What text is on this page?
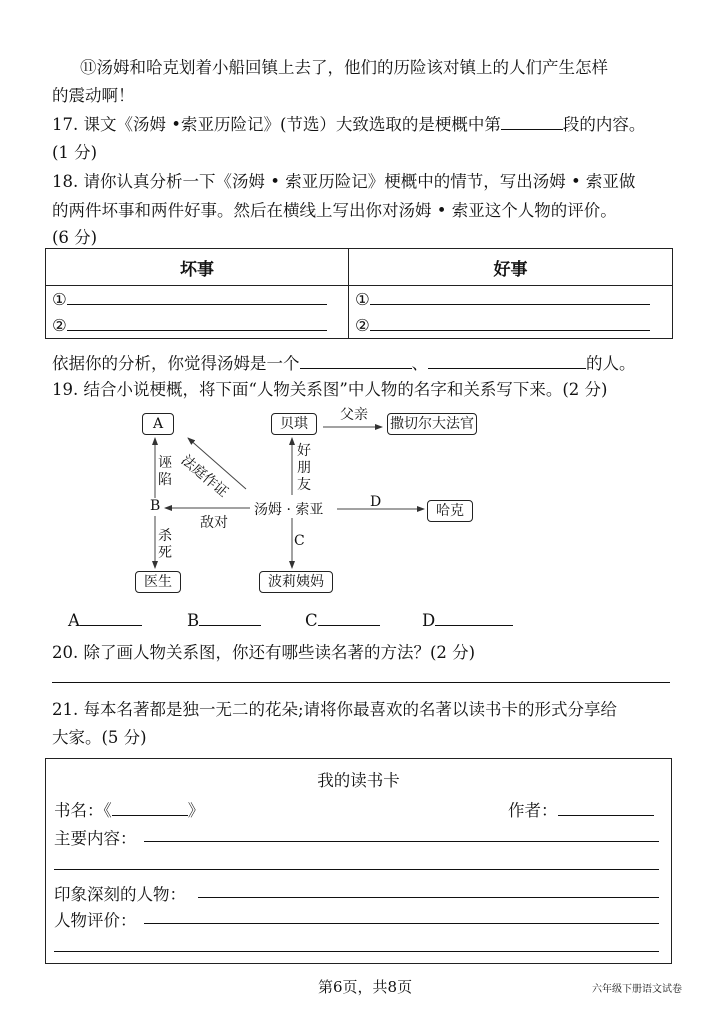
⑪汤姆和哈克划着小船回镇上去了，他们的历险该对镇上的人们产生怎样
的震动啊！
17. 课文《汤姆 •索亚历险记》(节选）大致选取的是梗概中第	段的内容。
(1 分)
18. 请你认真分析一下《汤姆 • 索亚历险记》梗概中的情节，写出汤姆 • 索亚做
的两件坏事和两件好事。然后在横线上写出你对汤姆 • 索亚这个人物的评价。
(6 分)
坏事	好事
①	①
②	②
依据你的分析，你觉得汤姆是一个	、	的人。
19. 结合小说梗概，将下面“人物关系图”中人物的名字和关系写下来。(2 分)
A	贝琪	撒切尔大法官
哈克
医生	波莉姨妈
B	汤姆 · 索亚
父亲
诬陷 法庭作证
好朋友
敌对
杀死
C
D
A	B	C	D
20. 除了画人物关系图，你还有哪些读名著的方法？(2 分)
21. 每本名著都是独一无二的花朵;请将你最喜欢的名著以读书卡的形式分享给
大家。(5 分)
我的读书卡
书名：《	》	作者：
主要内容：
印象深刻的人物：
人物评价：
第6页，共8页	六年级下册语文试卷
